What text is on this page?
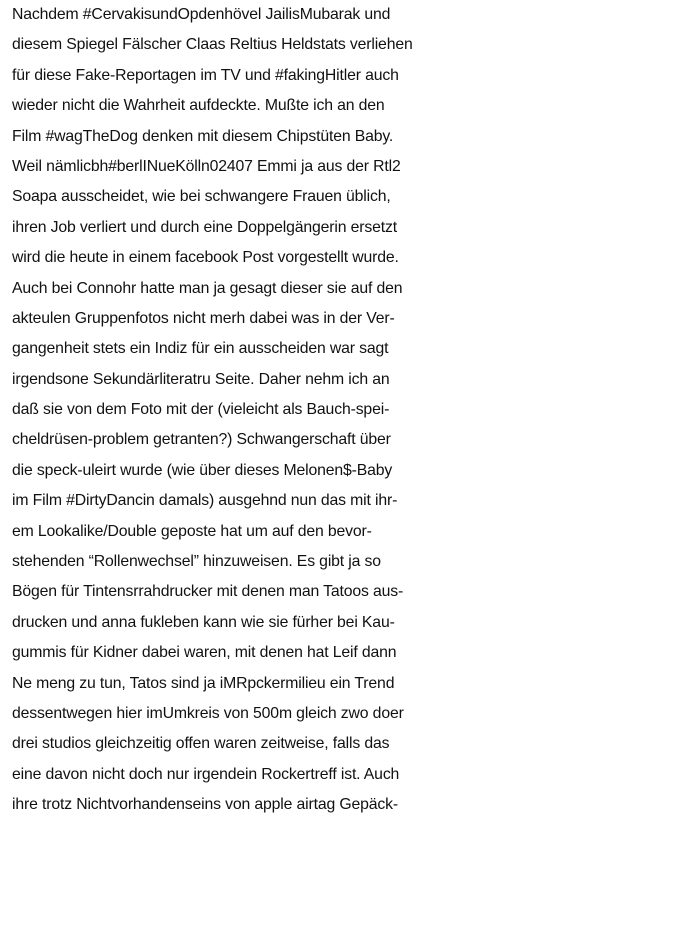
Nachdem #CervakisundOpdenhövel JailisMubarak und
diesem Spiegel Fälscher Claas Reltius Heldstats verliehen
für diese Fake-Reportagen im TV und #fakingHitler auch
wieder nicht die Wahrheit aufdeckte. Mußte ich an den
Film #wagTheDog denken mit diesem Chipstüten Baby.
Weil nämlicbh#berlINueKölln02407 Emmi ja aus der Rtl2
Soapa ausscheidet, wie bei schwangere Frauen üblich,
ihren Job verliert und durch eine Doppelgängerin ersetzt
wird die heute in einem facebook Post vorgestellt wurde.
Auch bei Connohr hatte man ja gesagt dieser sie auf den
akteulen Gruppenfotos nicht merh dabei was in der Ver-
gangenheit stets ein Indiz für ein ausscheiden war sagt
irgendsone Sekundärliteratru Seite. Daher nehm ich an
daß sie von dem Foto mit der (vieleicht als Bauch-spei-
cheldrüsen-problem getranten?) Schwangerschaft über
die speck-uleirt wurde (wie über dieses Melonen$-Baby
im Film #DirtyDancin damals) ausgehnd nun das mit ihr-
em Lookalike/Double geposte hat um auf den bevor-
stehenden “Rollenwechsel” hinzuweisen. Es gibt ja so
Bögen für Tintensrrahdrucker mit denen man Tatoos aus-
drucken und anna fukleben kann wie sie fürher bei Kau-
gummis für Kidner dabei waren, mit denen hat Leif dann
Ne meng zu tun, Tatos sind ja iMRpckermilieu ein Trend
dessentwegen hier imUmkreis von 500m gleich zwo doer
drei studios gleichzeitig offen waren zeitweise, falls das
eine davon nicht doch nur irgendein Rockertreff ist. Auch
ihre trotz Nichtvorhandenseins von apple airtag Gepäck-
